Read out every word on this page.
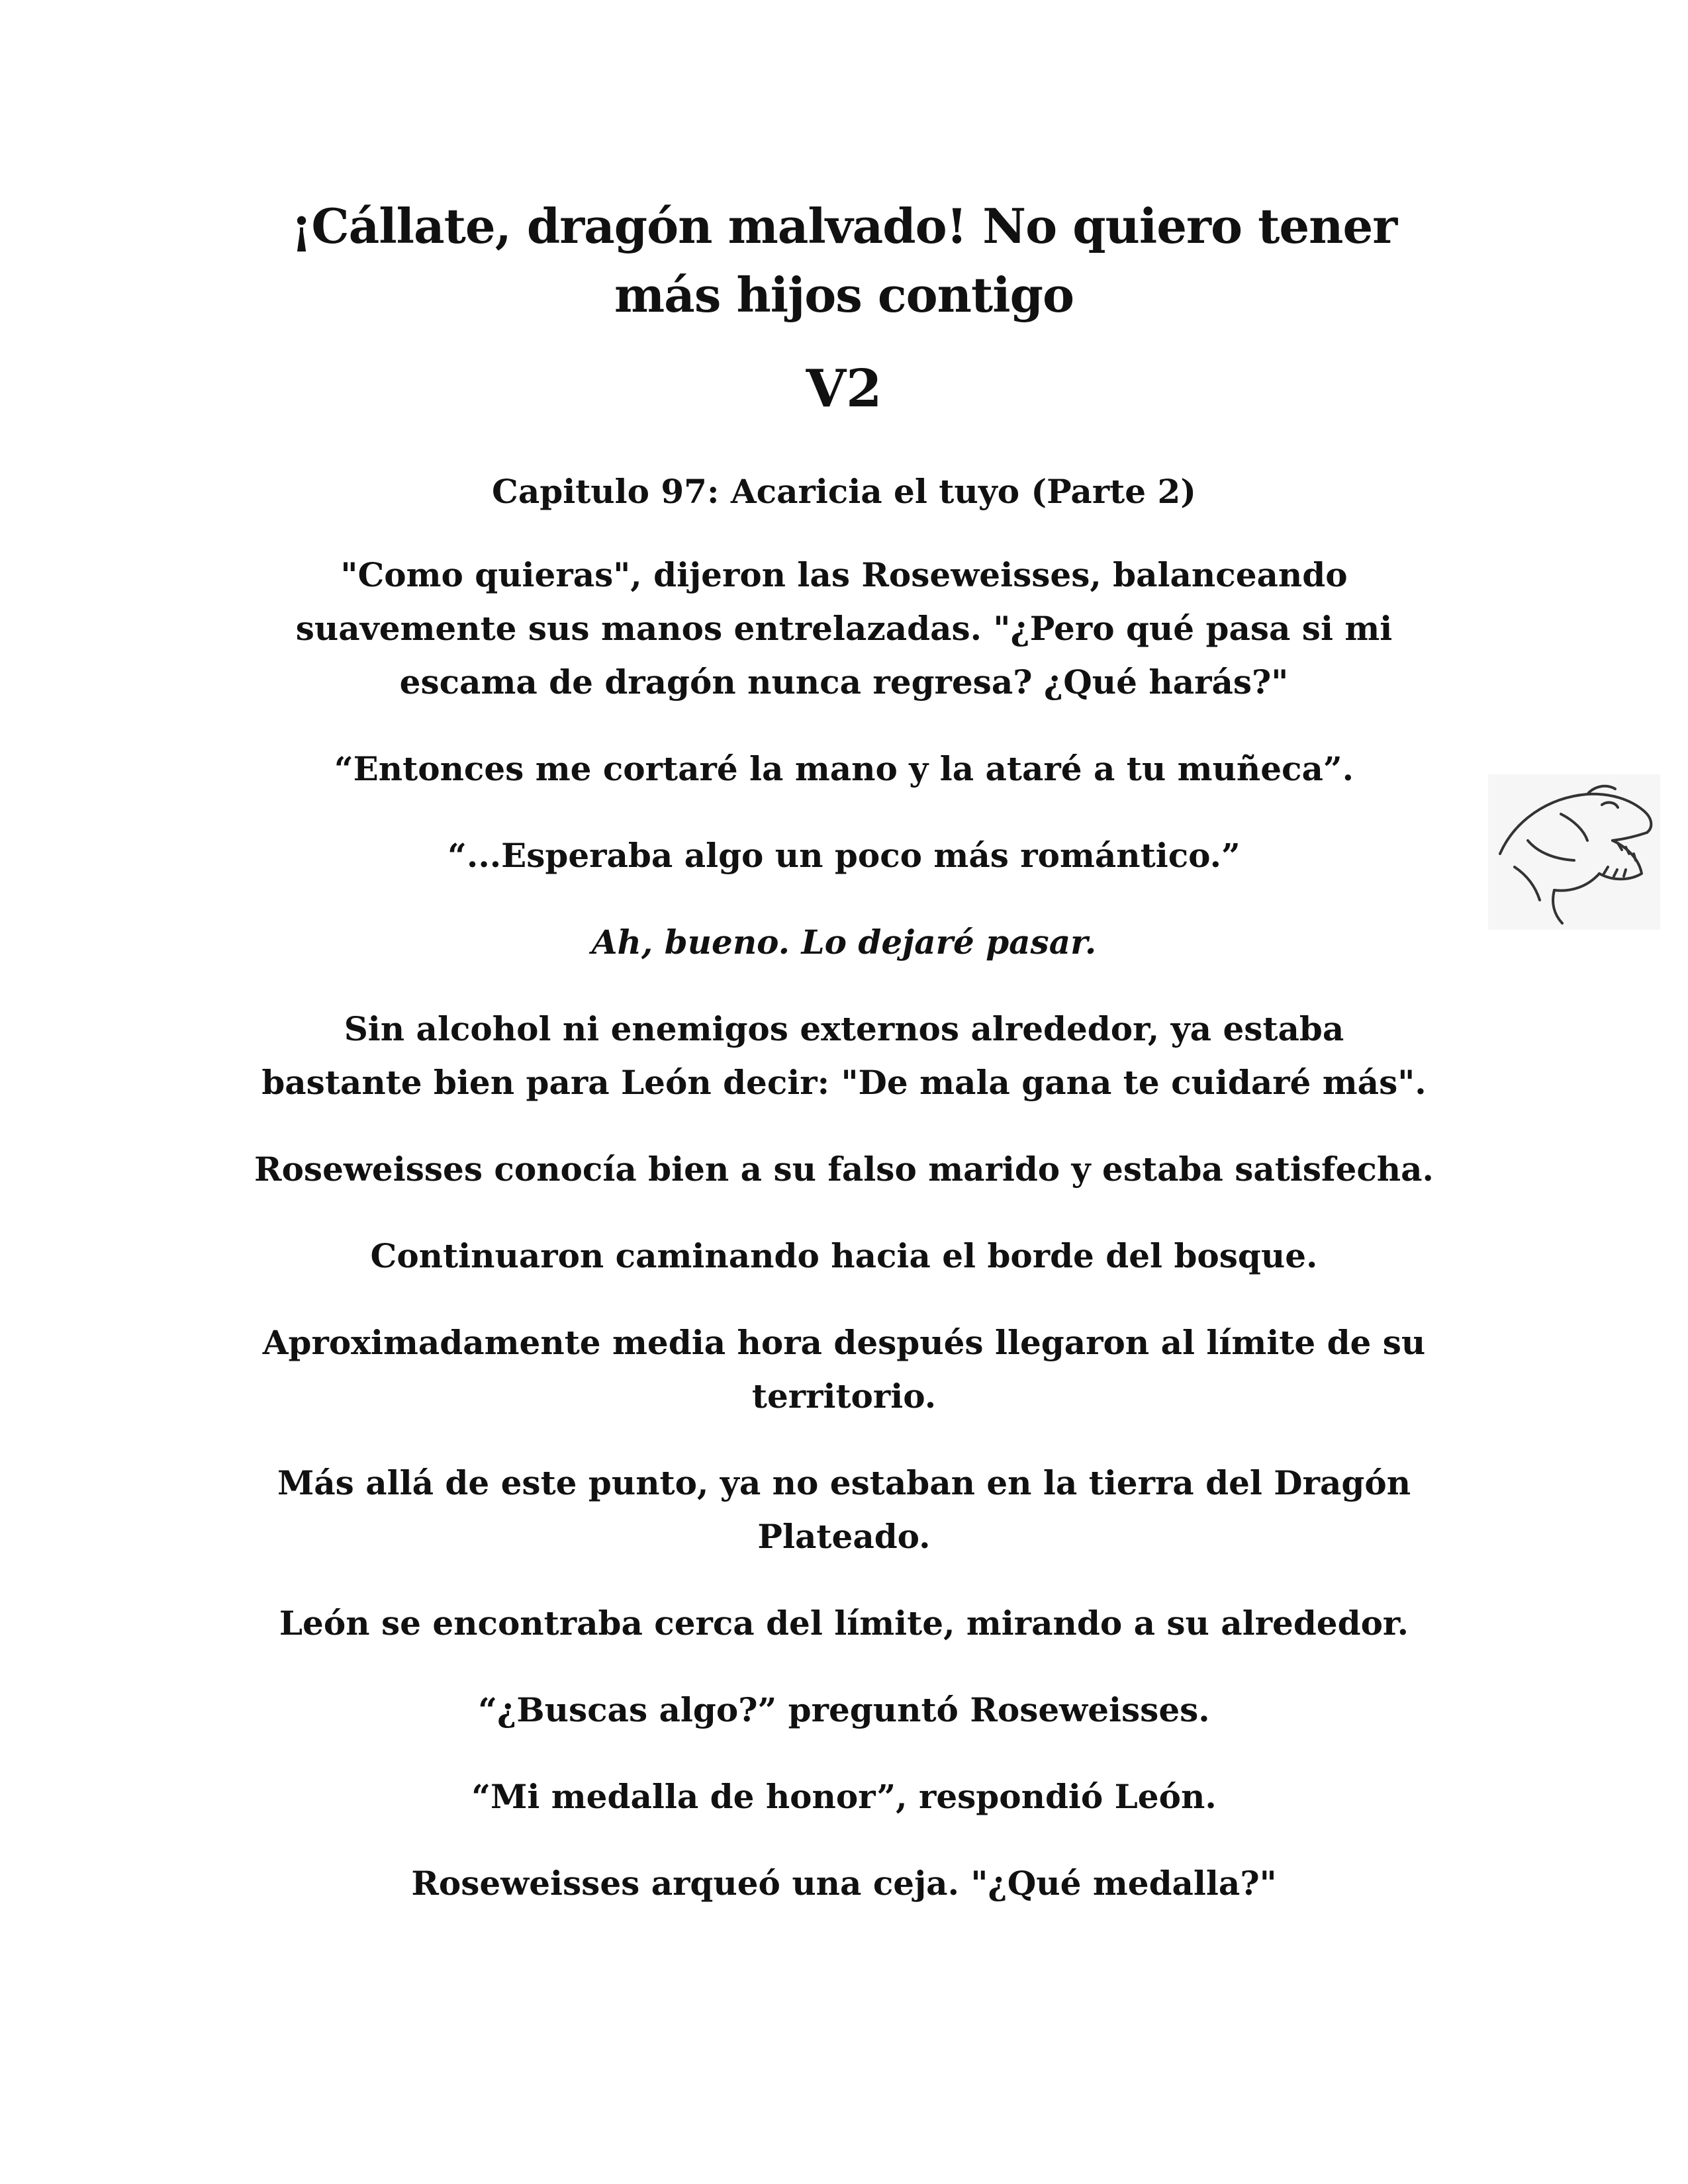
¡Cállate, dragón malvado! No quiero tener
más hijos contigo
V2
Capitulo 97: Acaricia el tuyo (Parte 2)

"Como quieras", dijeron las Roseweisses, balanceando
suavemente sus manos entrelazadas. "¿Pero qué pasa si mi
escama de dragón nunca regresa? ¿Qué harás?"

“Entonces me cortaré la mano y la ataré a tu muñeca”.

“...Esperaba algo un poco más romántico.”

Ah, bueno. Lo dejaré pasar.

Sin alcohol ni enemigos externos alrededor, ya estaba
bastante bien para León decir: "De mala gana te cuidaré más".

Roseweisses conocía bien a su falso marido y estaba satisfecha.

Continuaron caminando hacia el borde del bosque.

Aproximadamente media hora después llegaron al límite de su
territorio.

Más allá de este punto, ya no estaban en la tierra del Dragón
Plateado.

León se encontraba cerca del límite, mirando a su alrededor.

“¿Buscas algo?” preguntó Roseweisses.

“Mi medalla de honor”, respondió León.

Roseweisses arqueó una ceja. "¿Qué medalla?"
